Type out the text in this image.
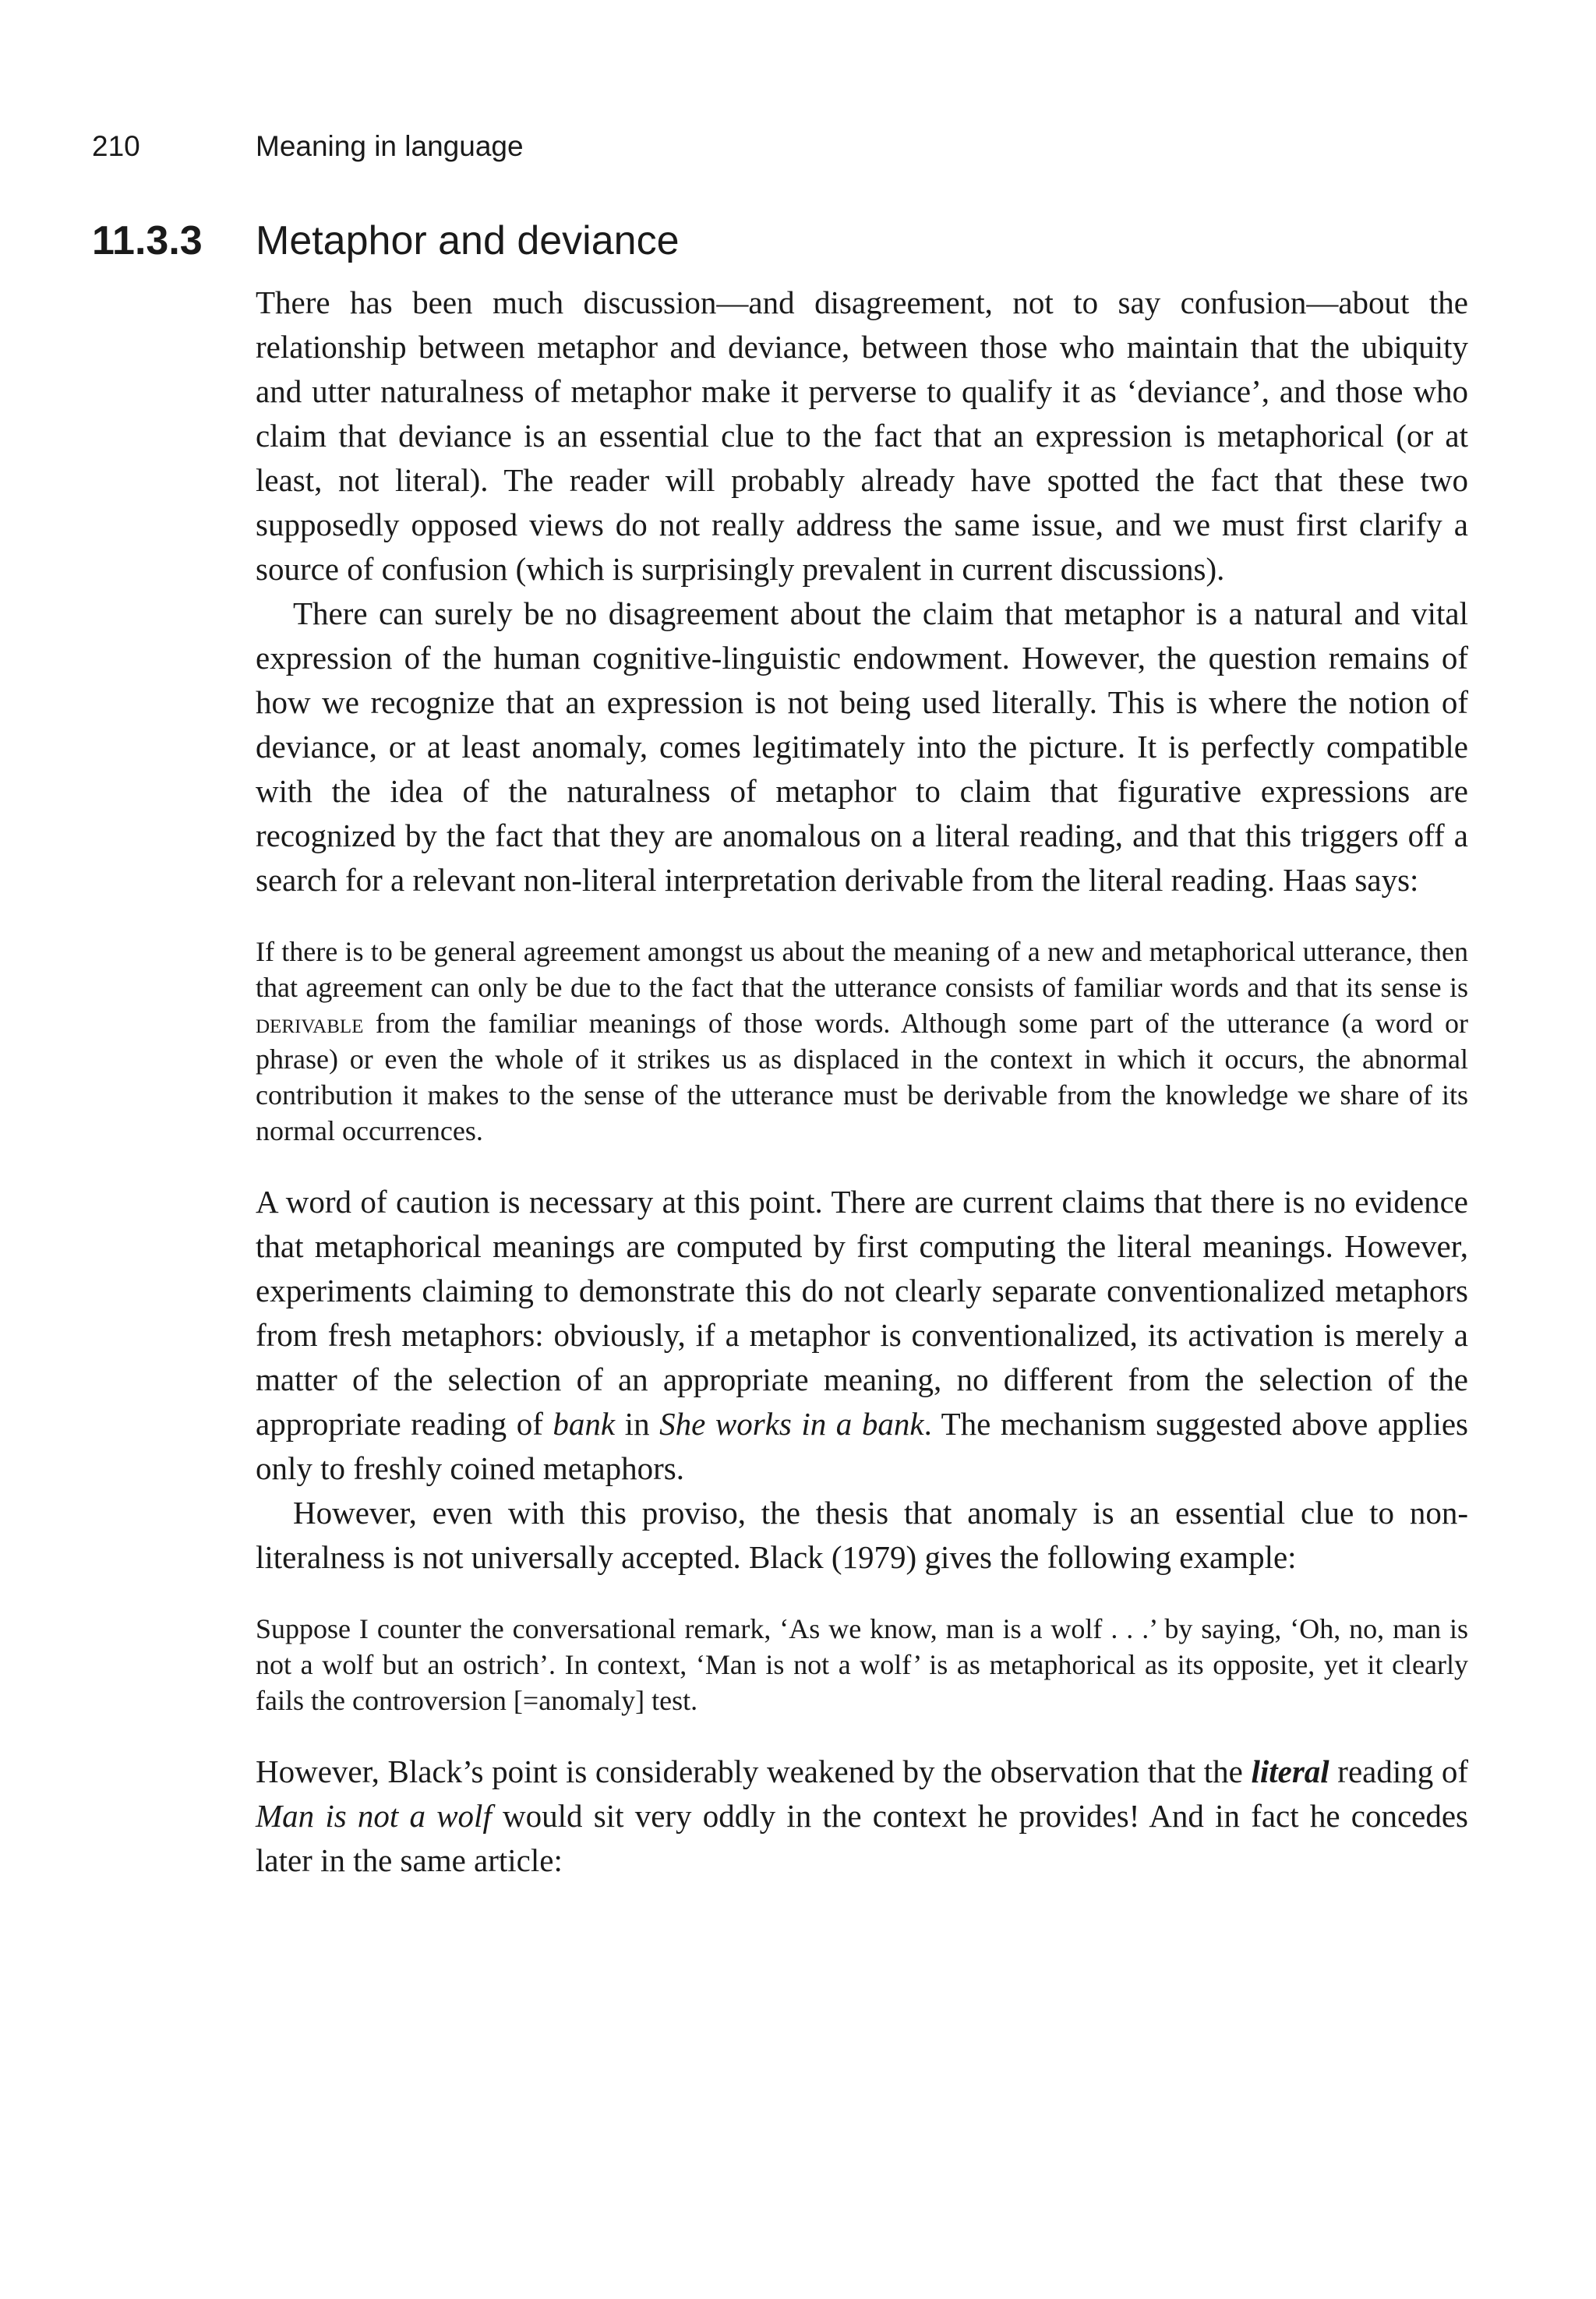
210	Meaning in language
11.3.3 Metaphor and deviance

There has been much discussion—and disagreement, not to say confusion—about the relationship between metaphor and deviance, between those who maintain that the ubiquity and utter naturalness of metaphor make it perverse to qualify it as ‘deviance’, and those who claim that deviance is an essential clue to the fact that an expression is metaphorical (or at least, not literal). The reader will probably already have spotted the fact that these two supposedly opposed views do not really address the same issue, and we must first clarify a source of confusion (which is surprisingly prevalent in current discussions).

There can surely be no disagreement about the claim that metaphor is a natural and vital expression of the human cognitive-linguistic endowment. However, the question remains of how we recognize that an expression is not being used literally. This is where the notion of deviance, or at least anomaly, comes legitimately into the picture. It is perfectly compatible with the idea of the naturalness of metaphor to claim that figurative expressions are recognized by the fact that they are anomalous on a literal reading, and that this triggers off a search for a relevant non-literal interpretation derivable from the literal reading. Haas says:

If there is to be general agreement amongst us about the meaning of a new and metaphorical utterance, then that agreement can only be due to the fact that the utterance consists of familiar words and that its sense is derivable from the familiar meanings of those words. Although some part of the utterance (a word or phrase) or even the whole of it strikes us as displaced in the context in which it occurs, the abnormal contribution it makes to the sense of the utterance must be derivable from the knowledge we share of its normal occurrences.

A word of caution is necessary at this point. There are current claims that there is no evidence that metaphorical meanings are computed by first computing the literal meanings. However, experiments claiming to demonstrate this do not clearly separate conventionalized metaphors from fresh metaphors: obviously, if a metaphor is conventionalized, its activation is merely a matter of the selection of an appropriate meaning, no different from the selection of the appropriate reading of bank in She works in a bank. The mechanism suggested above applies only to freshly coined metaphors.

However, even with this proviso, the thesis that anomaly is an essential clue to non-literalness is not universally accepted. Black (1979) gives the following example:

Suppose I counter the conversational remark, ‘As we know, man is a wolf . . .’ by saying, ‘Oh, no, man is not a wolf but an ostrich’. In context, ‘Man is not a wolf’ is as metaphorical as its opposite, yet it clearly fails the controversion [=anomaly] test.

However, Black’s point is considerably weakened by the observation that the literal reading of Man is not a wolf would sit very oddly in the context he provides! And in fact he concedes later in the same article:
